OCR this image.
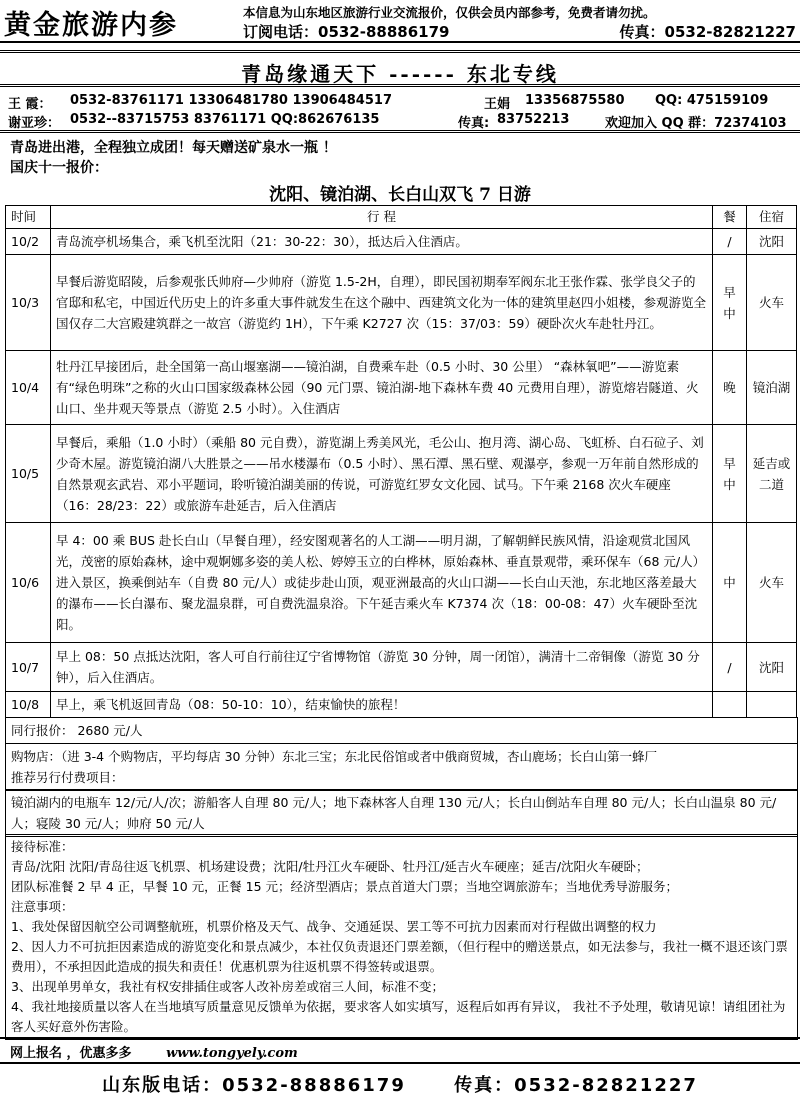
黄金旅游内参	本信息为山东地区旅游行业交流报价，仅供会员内部参考，免费者请勿扰。
订阅电话：0532-88886179	传真：0532-82821227
青岛缘通天下 ------ 东北专线
王 霞： 0532-83761171 13306481780 13906484517	王娟 13356875580 QQ: 475159109
谢亚珍： 0532--83715753 83761171 QQ:862676135	传真: 83752213	欢迎加入 QQ 群：72374103
青岛进出港，全程独立成团！每天赠送矿泉水一瓶 ！
国庆十一报价：
沈阳、镜泊湖、长白山双飞 7 日游
时间	行 程	餐	住宿
10/2	青岛流亭机场集合，乘飞机至沈阳（21：30-22：30），抵达后入住酒店。	/	沈阳
10/3	早餐后游览昭陵，后参观张氏帅府—少帅府（游览 1.5-2H，自理），即民国初期奉军阀东北王张作霖、张学良父子的官邸和私宅，中国近代历史上的许多重大事件就发生在这个融中、西建筑文化为一体的建筑里赵四小姐楼，参观游览全国仅存二大宫殿建筑群之一故宫（游览约 1H），下午乘 K2727 次（15：37/03：59）硬卧次火车赴牡丹江。	早中	火车
10/4	牡丹江早接团后，赴全国第一高山堰塞湖——镜泊湖，自费乘车赴（0.5 小时、30 公里） “森林氧吧”——游览素有“绿色明珠”之称的火山口国家级森林公园（90 元门票、镜泊湖-地下森林车费 40 元费用自理），游览熔岩隧道、火山口、坐井观天等景点（游览 2.5 小时）。入住酒店	晚	镜泊湖
10/5	早餐后，乘船（1.0 小时）（乘船 80 元自费），游览湖上秀美风光，毛公山、抱月湾、湖心岛、飞虹桥、白石砬子、刘少奇木屋。游览镜泊湖八大胜景之——吊水楼瀑布（0.5 小时）、黑石潭、黑石壁、观瀑亭，参观一万年前自然形成的自然景观玄武岩、邓小平题词，聆听镜泊湖美丽的传说，可游览红罗女文化园、试马。下午乘 2168 次火车硬座（16：28/23：22）或旅游车赴延吉，后入住酒店	早中	延吉或二道
10/6	早 4：00 乘 BUS 赴长白山（早餐自理），经安图观著名的人工湖——明月湖，了解朝鲜民族风情，沿途观赏北国风光，茂密的原始森林，途中观婀娜多姿的美人松、婷婷玉立的白桦林，原始森林、垂直景观带，乘环保车（68 元/人）进入景区，换乘倒站车（自费 80 元/人）或徒步赴山顶，观亚洲最高的火山口湖——长白山天池，东北地区落差最大的瀑布——长白瀑布、聚龙温泉群，可自费洗温泉浴。下午延吉乘火车 K7374 次（18：00-08：47）火车硬卧至沈阳。	中	火车
10/7	早上 08：50 点抵达沈阳，客人可自行前往辽宁省博物馆（游览 30 分钟，周一闭馆），满清十二帝铜像（游览 30 分钟），后入住酒店。	/	沈阳
10/8	早上，乘飞机返回青岛（08：50-10：10），结束愉快的旅程！		
同行报价： 2680 元/人
购物店：（进 3-4 个购物店，平均每店 30 分钟）东北三宝；东北民俗馆或者中俄商贸城，杏山鹿场；长白山第一蜂厂
推荐另行付费项目：
镜泊湖内的电瓶车 12/元/人/次；游船客人自理 80 元/人；地下森林客人自理 130 元/人；长白山倒站车自理 80 元/人；长白山温泉 80 元/人；寝陵 30 元/人；帅府 50 元/人
接待标准：
青岛/沈阳 沈阳/青岛往返飞机票、机场建设费；沈阳/牡丹江火车硬卧、牡丹江/延吉火车硬座；延吉/沈阳火车硬卧；
团队标准餐 2 早 4 正，早餐 10 元，正餐 15 元；经济型酒店；景点首道大门票；当地空调旅游车；当地优秀导游服务；
注意事项：
1、我处保留因航空公司调整航班，机票价格及天气、战争、交通延误、罢工等不可抗力因素而对行程做出调整的权力
2、因人力不可抗拒因素造成的游览变化和景点减少，本社仅负责退还门票差额，（但行程中的赠送景点，如无法参与，我社一概不退还该门票费用），不承担因此造成的损失和责任！优惠机票为往返机票不得签转或退票。
3、出现单男单女，我社有权安排插住或客人改补房差或宿三人间，标准不变；
4、我社地接质量以客人在当地填写质量意见反馈单为依据，要求客人如实填写，返程后如再有异议， 我社不予处理，敬请见谅！请组团社为客人买好意外伤害险。
网上报名 ，优惠多多	www.tongyely.com
山东版电话：0532-88886179	传真：0532-82821227
